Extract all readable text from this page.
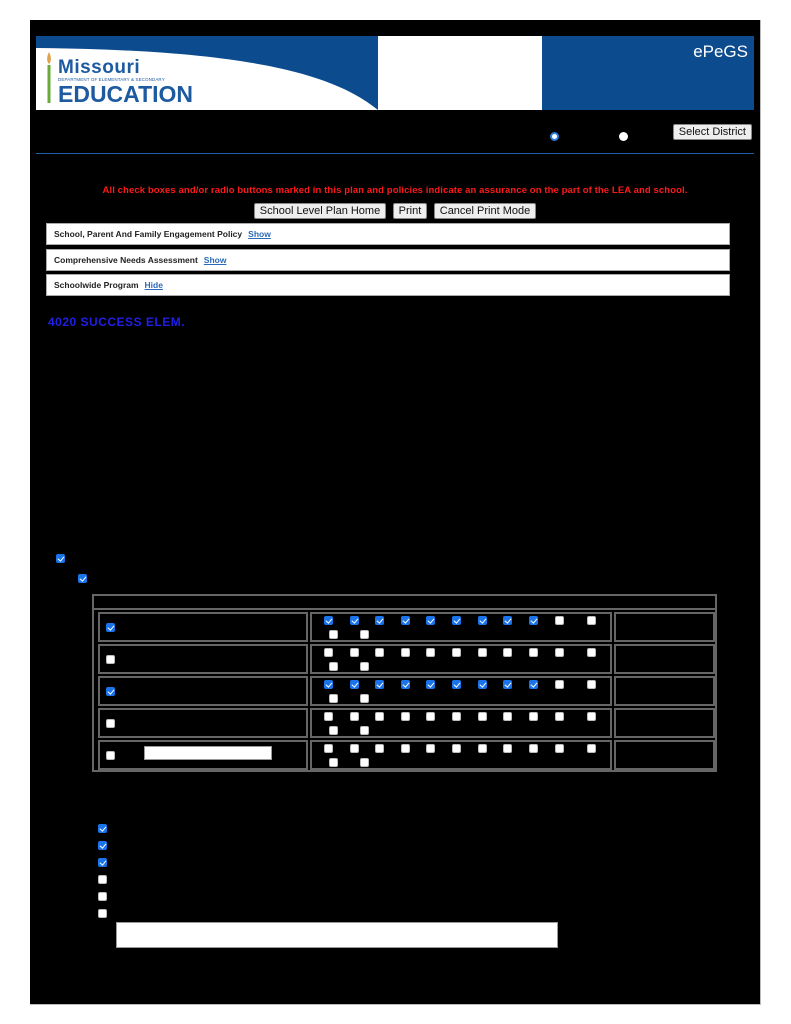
Missouri
DEPARTMENT OF ELEMENTARY & SECONDARY
EDUCATION
ePeGS
Select District
All check boxes and/or radio buttons marked in this plan and policies indicate an assurance on the part of the LEA and school.
School Level Plan Home Print Cancel Print Mode
School, Parent And Family Engagement Policy Show
Comprehensive Needs Assessment Show
Schoolwide Program Hide
4020 SUCCESS ELEM.
